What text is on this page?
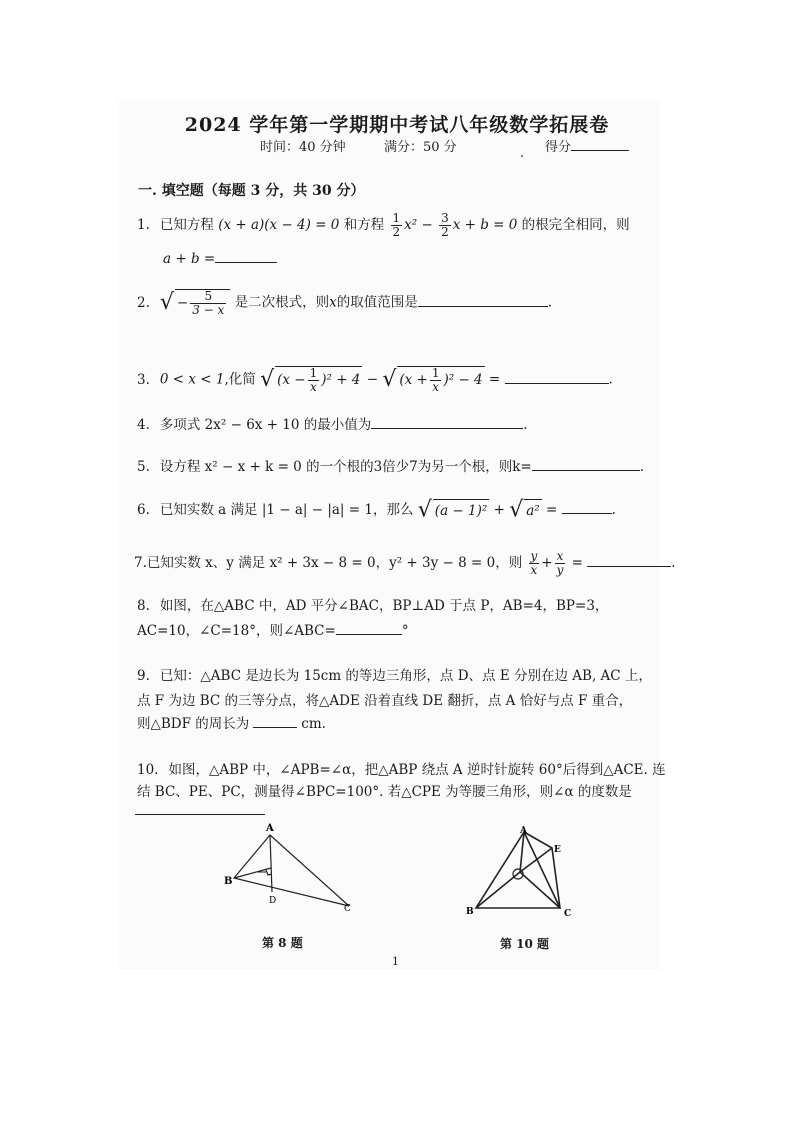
2024 学年第一学期期中考试八年级数学拓展卷
时间：40 分钟	满分：50 分	得分
.
一. 填空题（每题 3 分，共 30 分）
1. 已知方程 (x + a)(x − 4) = 0 和方程 $\frac{1}{2} x^2 - \frac{3}{2}$ x + b = 0 的根完全相同，则
a + b =
2. √ − $\frac{5}{3 - x}$ 是二次根式，则x的取值范围是	.
3. 0 < x < 1,化简 √ $(x - \frac{1}{x} )^2 + 4$ − √ $(x + \frac{1}{x} )^2 - 4$ =	.
4. 多项式 2x² − 6x + 10 的最小值为	.
5. 设方程 x² − x + k = 0 的一个根的3倍少7为另一个根，则k=	.
6. 已知实数 a 满足 |1 − a| − |a| = 1，那么 √ (a − 1)² + √ a² =	.
7.已知实数 x、y 满足 x² + 3x − 8 = 0，y² + 3y − 8 = 0，则 $\frac{y}{x} + \frac{x}{y}$ =	.
8. 如图，在△ABC 中，AD 平分∠BAC，BP⊥AD 于点 P，AB=4，BP=3，
AC=10，∠C=18°，则∠ABC=	°
9. 已知：△ABC 是边长为 15cm 的等边三角形，点 D、点 E 分别在边 AB, AC 上，
点 F 为边 BC 的三等分点，将△ADE 沿着直线 DE 翻折，点 A 恰好与点 F 重合，
则△BDF 的周长为	cm.
10. 如图，△ABP 中，∠APB=∠α，把△ABP 绕点 A 逆时针旋转 60°后得到△ACE. 连
结 BC、PE、PC，测量得∠BPC=100°. 若△CPE 为等腰三角形，则∠α 的度数是
A
B
D
C
第 8 题
A
B	C
E
第 10 题
1
